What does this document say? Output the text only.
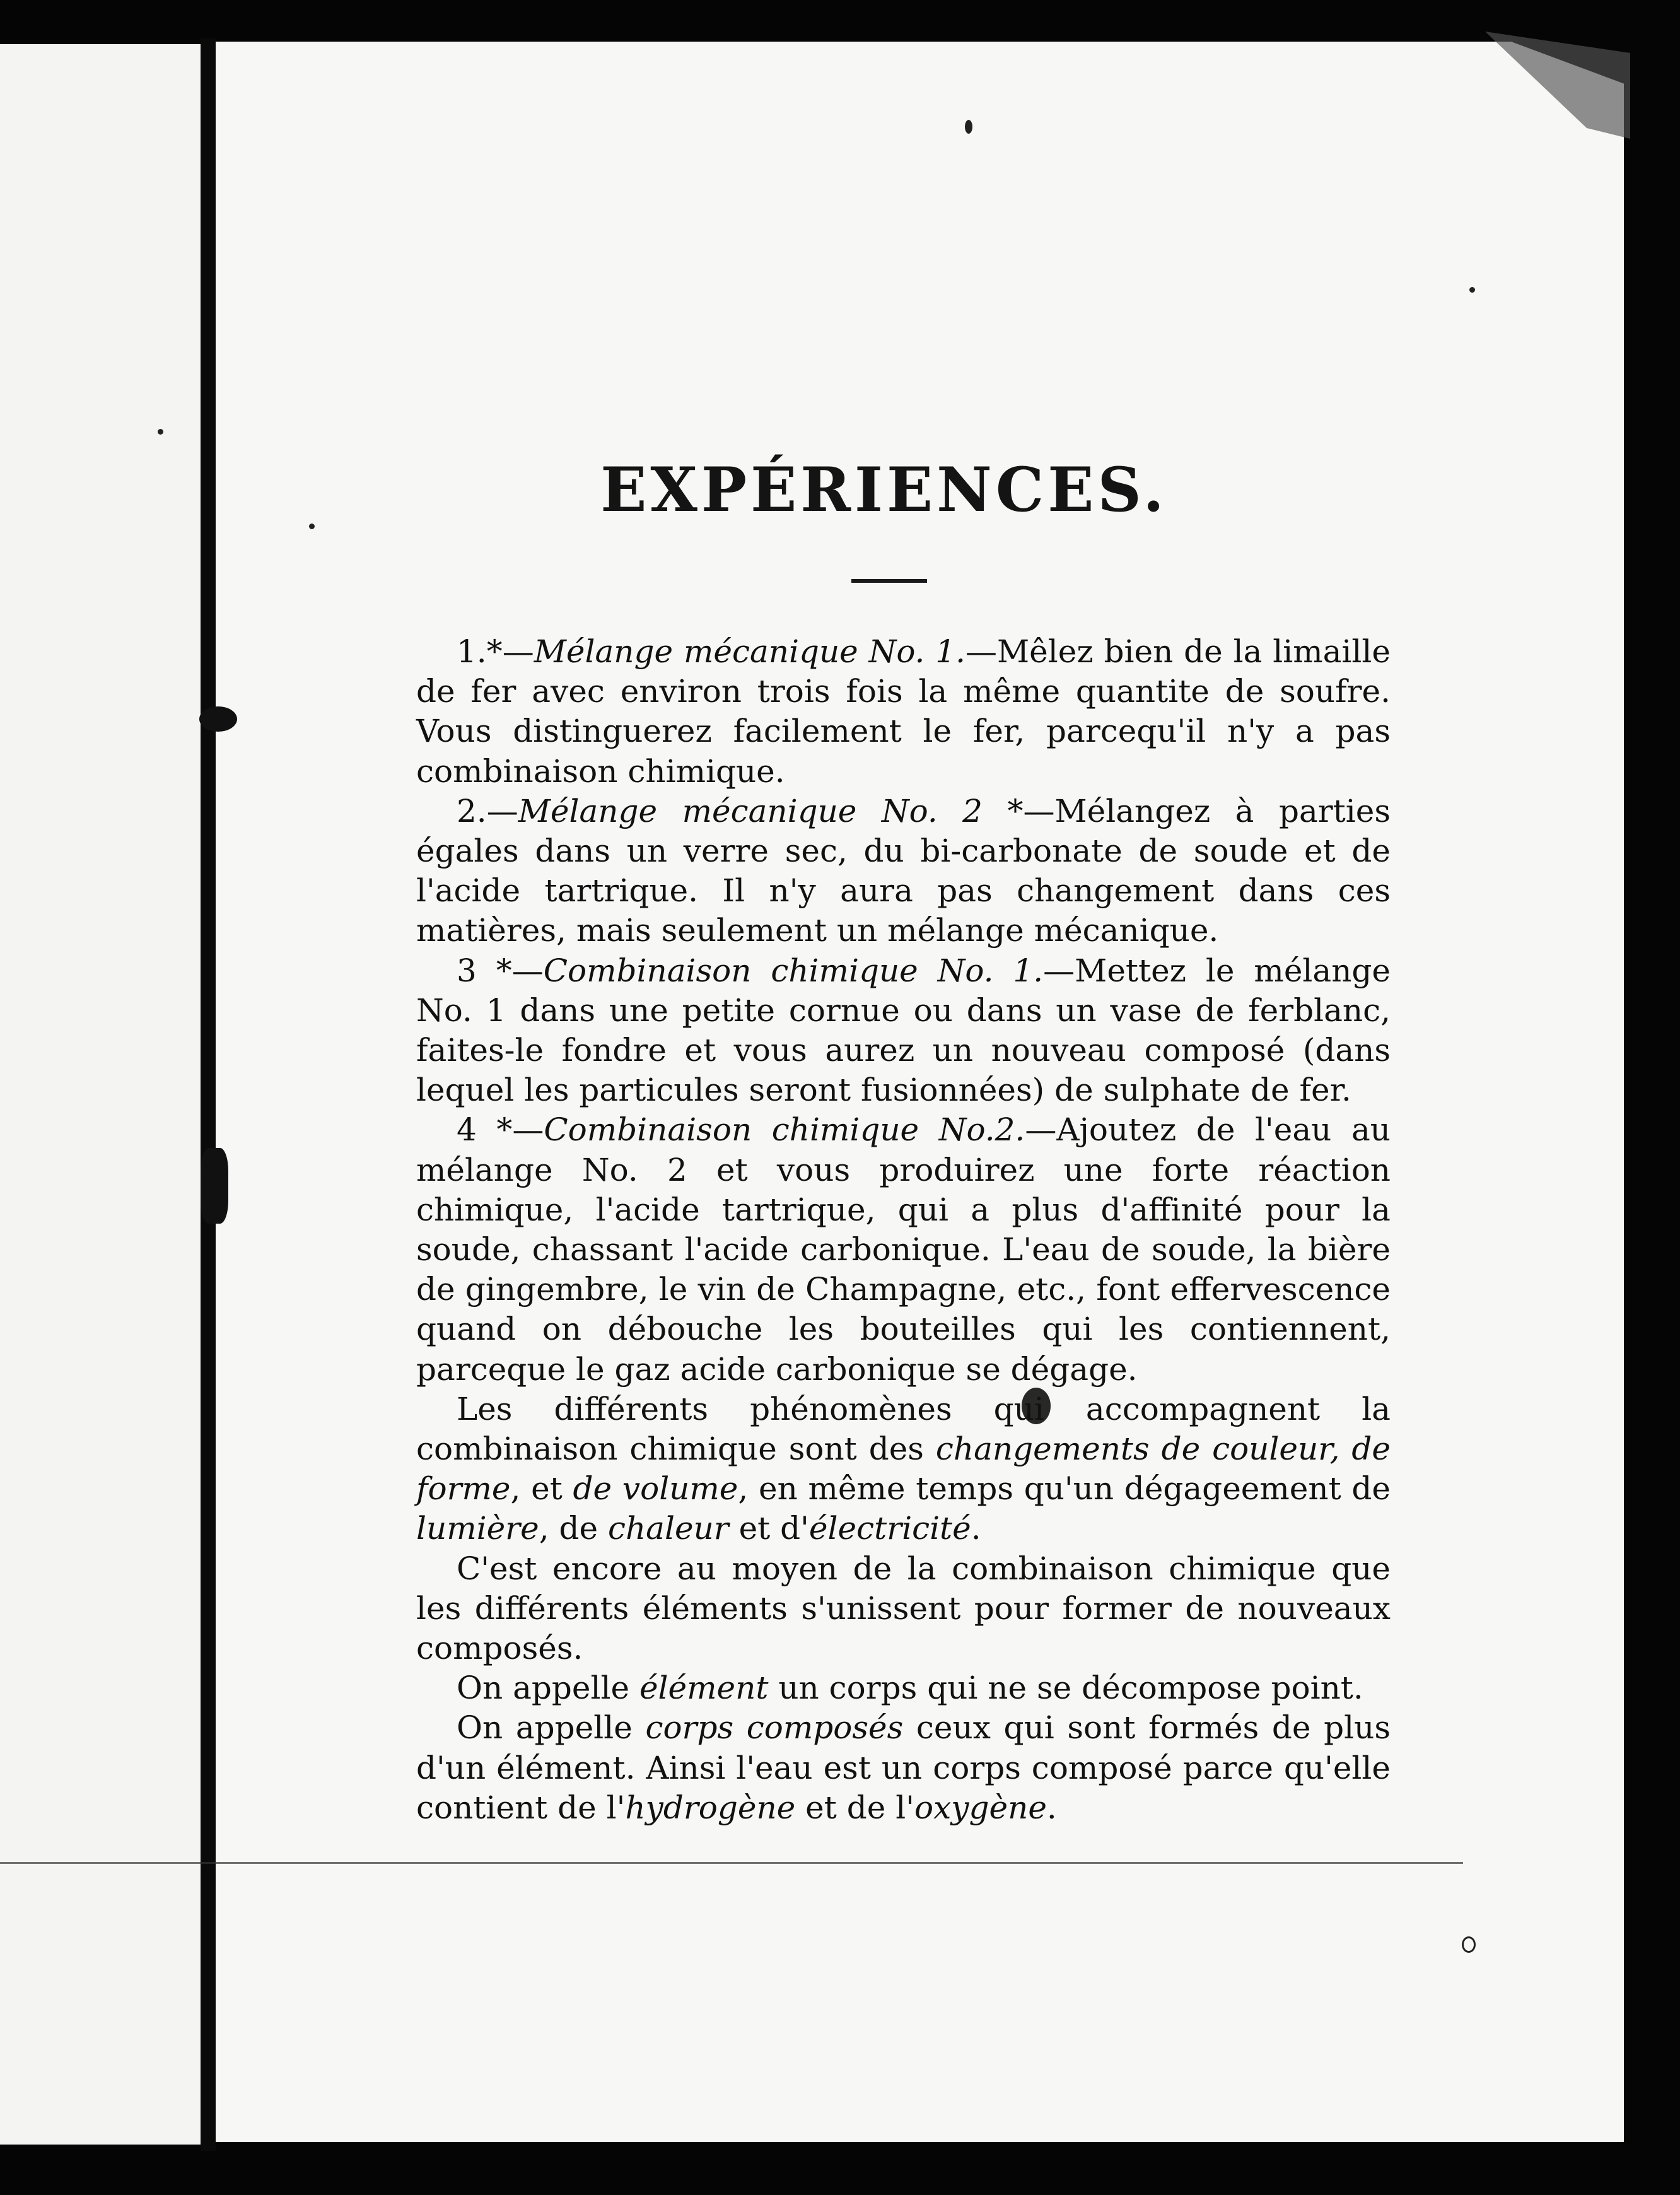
EXPÉRIENCES.

1.*—Mélange mécanique No. 1.—Mêlez bien de la limaille de fer avec environ trois fois la même quantite de soufre. Vous distinguerez facilement le fer, parcequ'il n'y a pas combinaison chimique.

2.—Mélange mécanique No. 2 *—Mélangez à parties égales dans un verre sec, du bi-carbonate de soude et de l'acide tartrique. Il n'y aura pas changement dans ces matières, mais seulement un mélange mécanique.

3 *—Combinaison chimique No. 1.—Mettez le mélange No. 1 dans une petite cornue ou dans un vase de ferblanc, faites-le fondre et vous aurez un nouveau composé (dans lequel les particules seront fusionnées) de sulphate de fer.

4 *—Combinaison chimique No.2.—Ajoutez de l'eau au mélange No. 2 et vous produirez une forte réaction chimique, l'acide tartrique, qui a plus d'affinité pour la soude, chassant l'acide carbonique. L'eau de soude, la bière de gingembre, le vin de Champagne, etc., font effervescence quand on débouche les bouteilles qui les contiennent, parceque le gaz acide carbonique se dégage.

Les différents phénomènes qui accompagnent la combinaison chimique sont des changements de couleur, de forme, et de volume, en même temps qu'un dégageement de lumière, de chaleur et d'électricité.

C'est encore au moyen de la combinaison chimique que les différents éléments s'unissent pour former de nouveaux composés.

On appelle élément un corps qui ne se décompose point.

On appelle corps composés ceux qui sont formés de plus d'un élément. Ainsi l'eau est un corps composé parce qu'elle contient de l'hydrogène et de l'oxygène.
